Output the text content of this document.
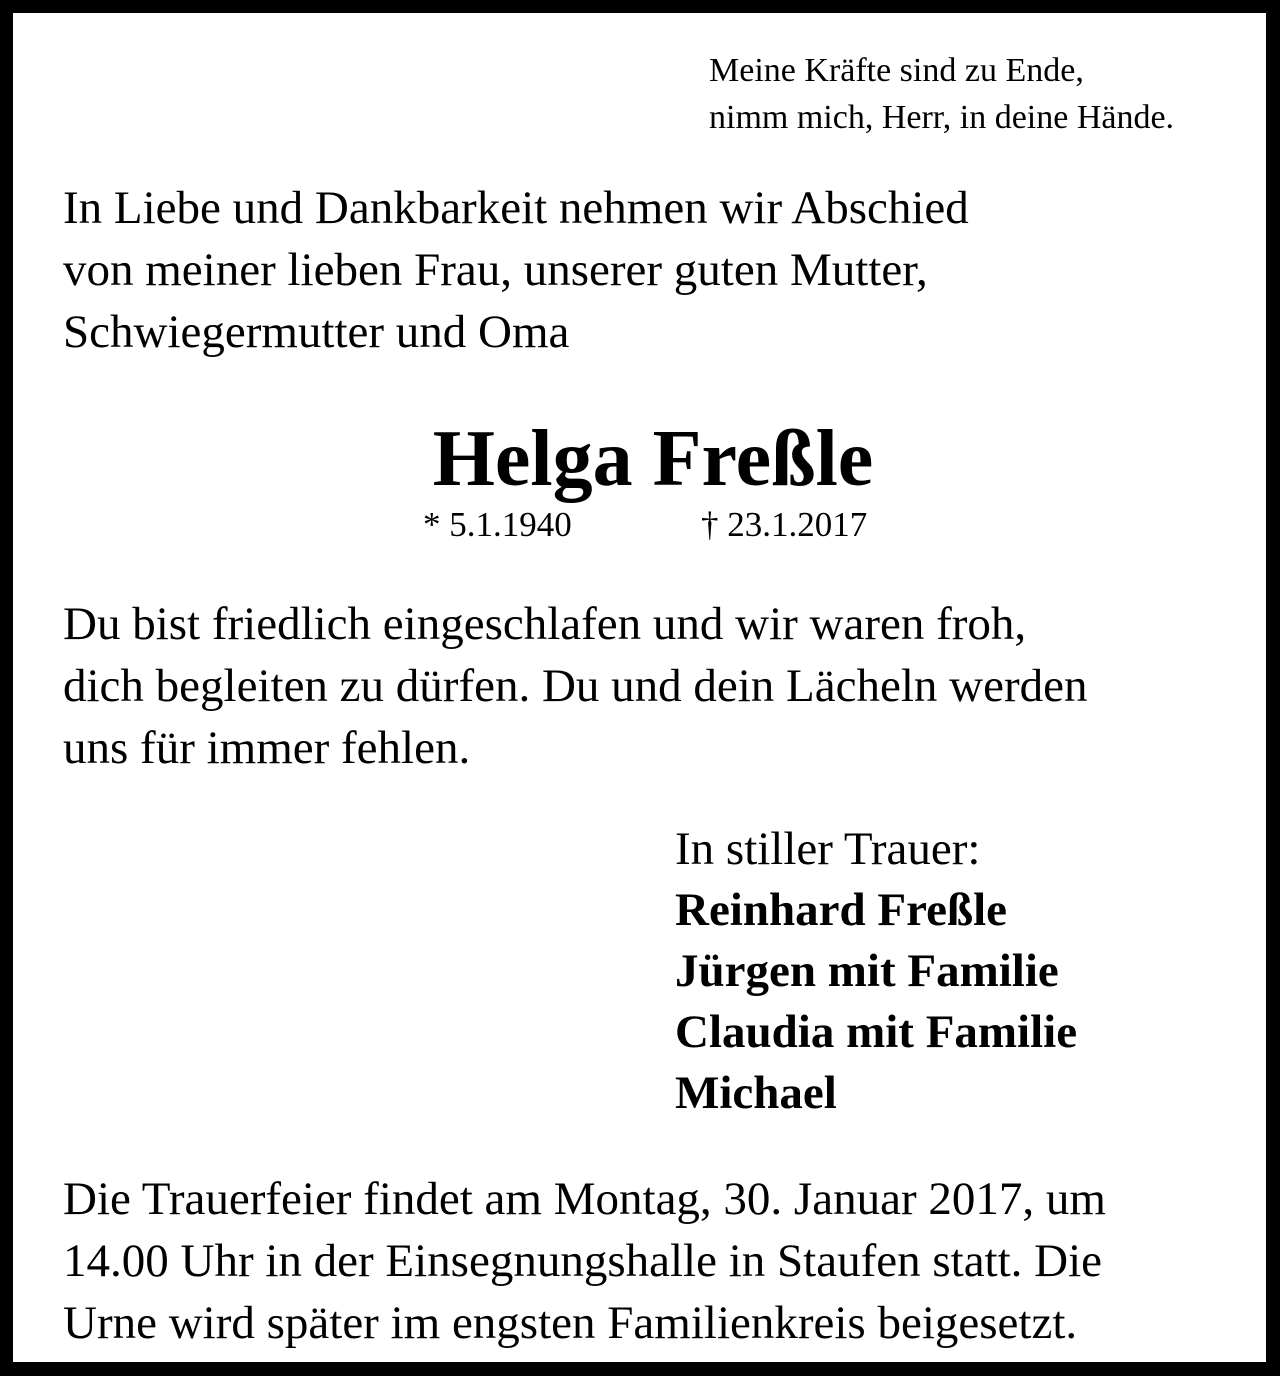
Meine Kräfte sind zu Ende,
nimm mich, Herr, in deine Hände.
In Liebe und Dankbarkeit nehmen wir Abschied
von meiner lieben Frau, unserer guten Mutter,
Schwiegermutter und Oma
Helga Freßle
* 5.1.1940	† 23.1.2017
Du bist friedlich eingeschlafen und wir waren froh,
dich begleiten zu dürfen. Du und dein Lächeln werden
uns für immer fehlen.
In stiller Trauer:
Reinhard Freßle
Jürgen mit Familie
Claudia mit Familie
Michael
Die Trauerfeier findet am Montag, 30. Januar 2017, um
14.00 Uhr in der Einsegnungshalle in Staufen statt. Die
Urne wird später im engsten Familienkreis beigesetzt.
